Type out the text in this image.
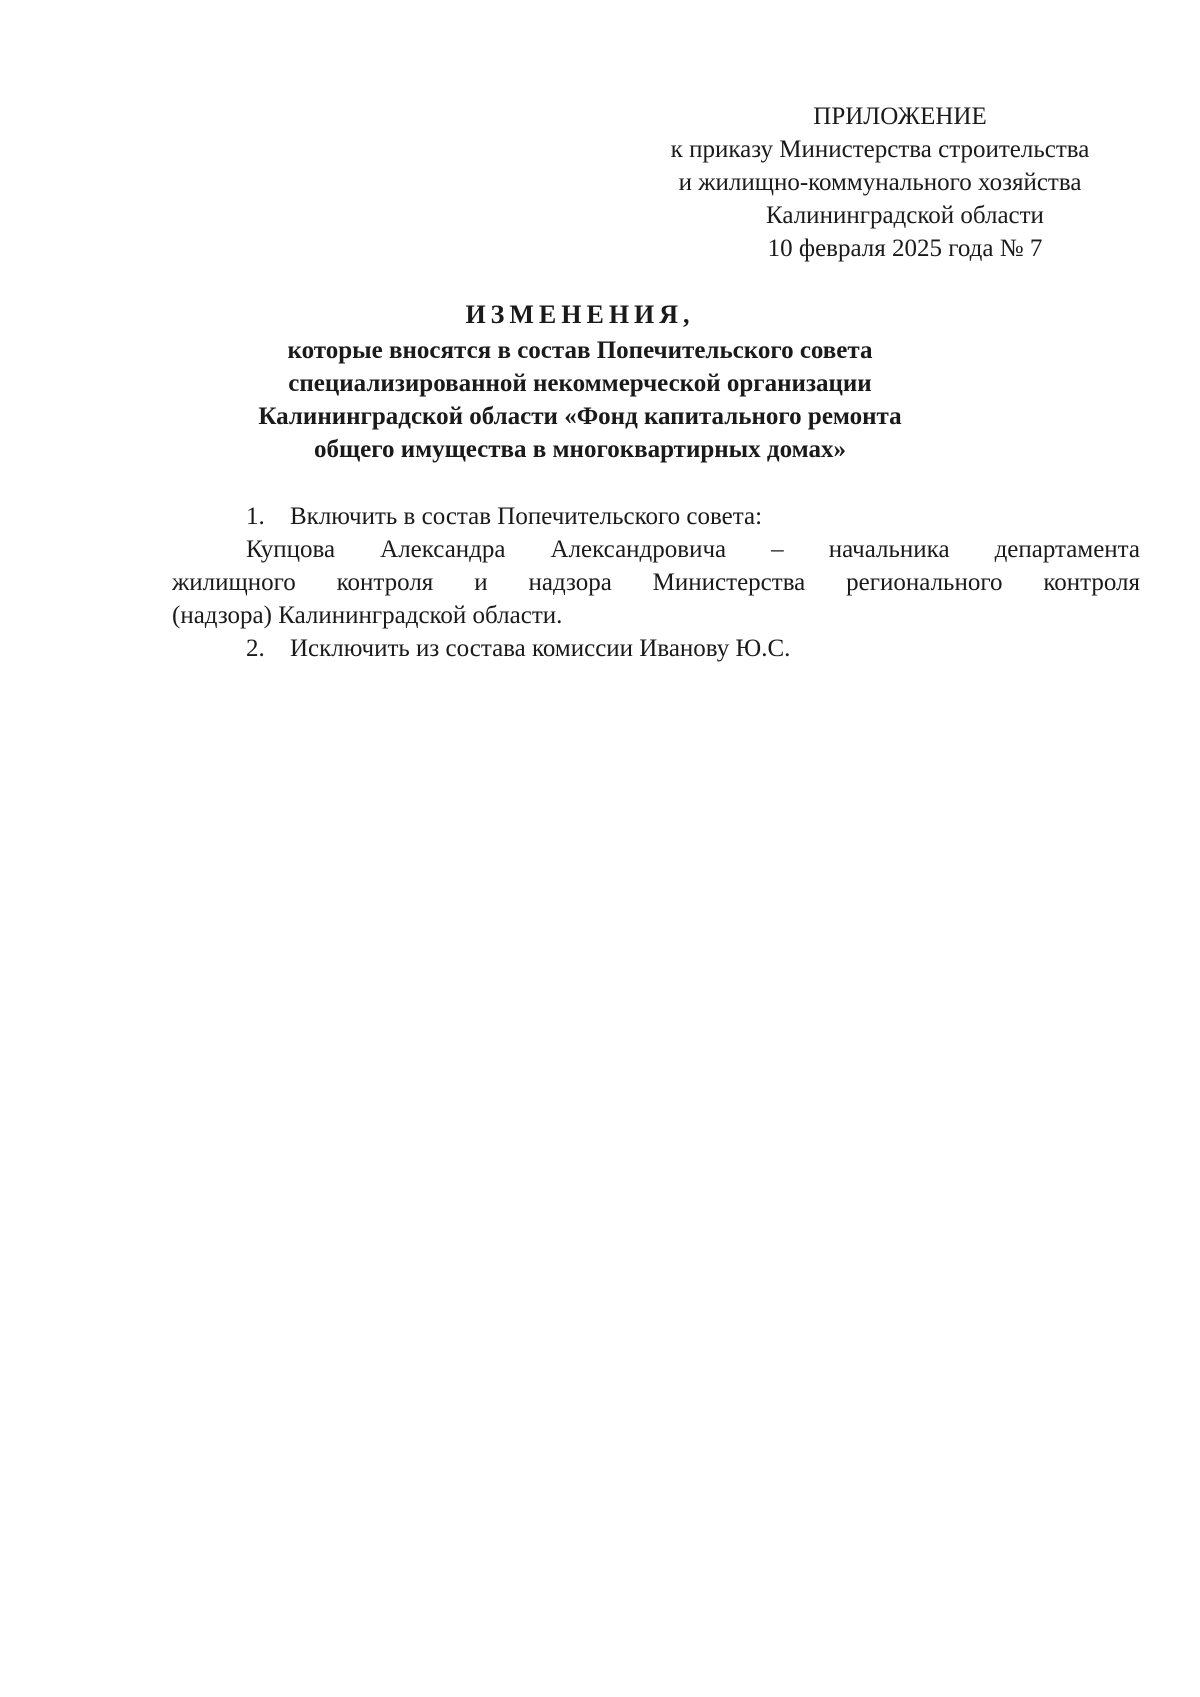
ПРИЛОЖЕНИЕ
к приказу Министерства строительства
и жилищно-коммунального хозяйства
Калининградской области
10 февраля 2025 года № 7
ИЗМЕНЕНИЯ,
которые вносятся в состав Попечительского совета
специализированной некоммерческой организации
Калининградской области «Фонд капитального ремонта
общего имущества в многоквартирных домах»
1.	Включить в состав Попечительского совета:
Купцова Александра Александровича – начальника департамента
жилищного контроля и надзора Министерства регионального контроля
(надзора) Калининградской области.
2.	Исключить из состава комиссии Иванову Ю.С.
